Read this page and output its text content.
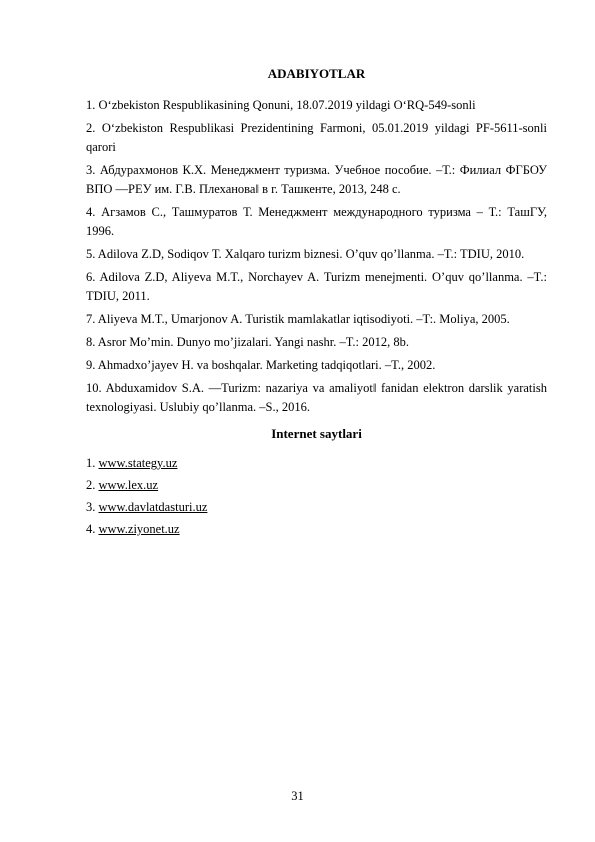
ADABIYOTLAR

1. O‘zbekiston Respublikasining Qonuni, 18.07.2019 yildagi O‘RQ-549-sonli

2. O‘zbekiston Respublikasi Prezidentining Farmoni, 05.01.2019 yildagi PF-5611-sonli qarori

3. Абдурахмонов К.Х. Менеджмент туризма. Учебное пособие. –Т.: Филиал ФГБОУ ВПО ―РЕУ им. Г.В. Плеханова‖ в г. Ташкенте, 2013, 248 с.

4. Агзамов С., Ташмуратов Т. Менеджмент международного туризма – Т.: ТашГУ, 1996.

5. Adilova Z.D, Sodiqov T. Xalqaro turizm biznesi. O’quv qo’llanma. –T.: TDIU, 2010.

6. Adilova Z.D, Aliyeva M.T., Norchayev A. Turizm menejmenti. O’quv qo’llanma. –T.: TDIU, 2011.

7. Aliyeva M.T., Umarjonov A. Turistik mamlakatlar iqtisodiyoti. –T:. Moliya, 2005.

8. Asror Mo’min. Dunyo mo’jizalari. Yangi nashr. –T.: 2012, 8b.

9. Ahmadxo’jayev H. va boshqalar. Marketing tadqiqotlari. –T., 2002.

10. Abduxamidov S.A. ―Turizm: nazariya va amaliyot‖ fanidan elektron darslik yaratish texnologiyasi. Uslubiy qo’llanma. –S., 2016.

Internet saytlari

1. www.stategy.uz

2. www.lex.uz

3. www.davlatdasturi.uz

4. www.ziyonet.uz

31
